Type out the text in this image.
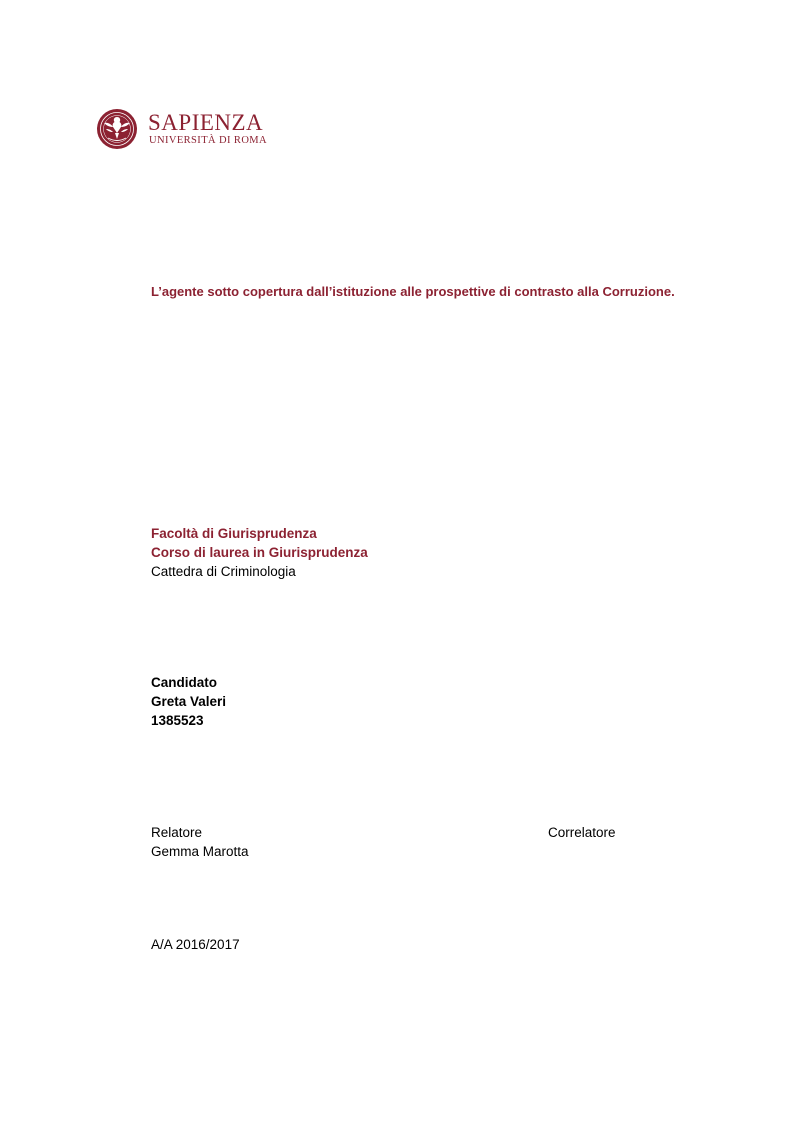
SAPIENZA
UNIVERSITÀ DI ROMA
L’agente sotto copertura dall’istituzione alle prospettive di contrasto alla Corruzione.
Facoltà di Giurisprudenza
Corso di laurea in Giurisprudenza
Cattedra di Criminologia
Candidato
Greta Valeri
1385523
Relatore
Gemma Marotta
Correlatore
A/A 2016/2017
